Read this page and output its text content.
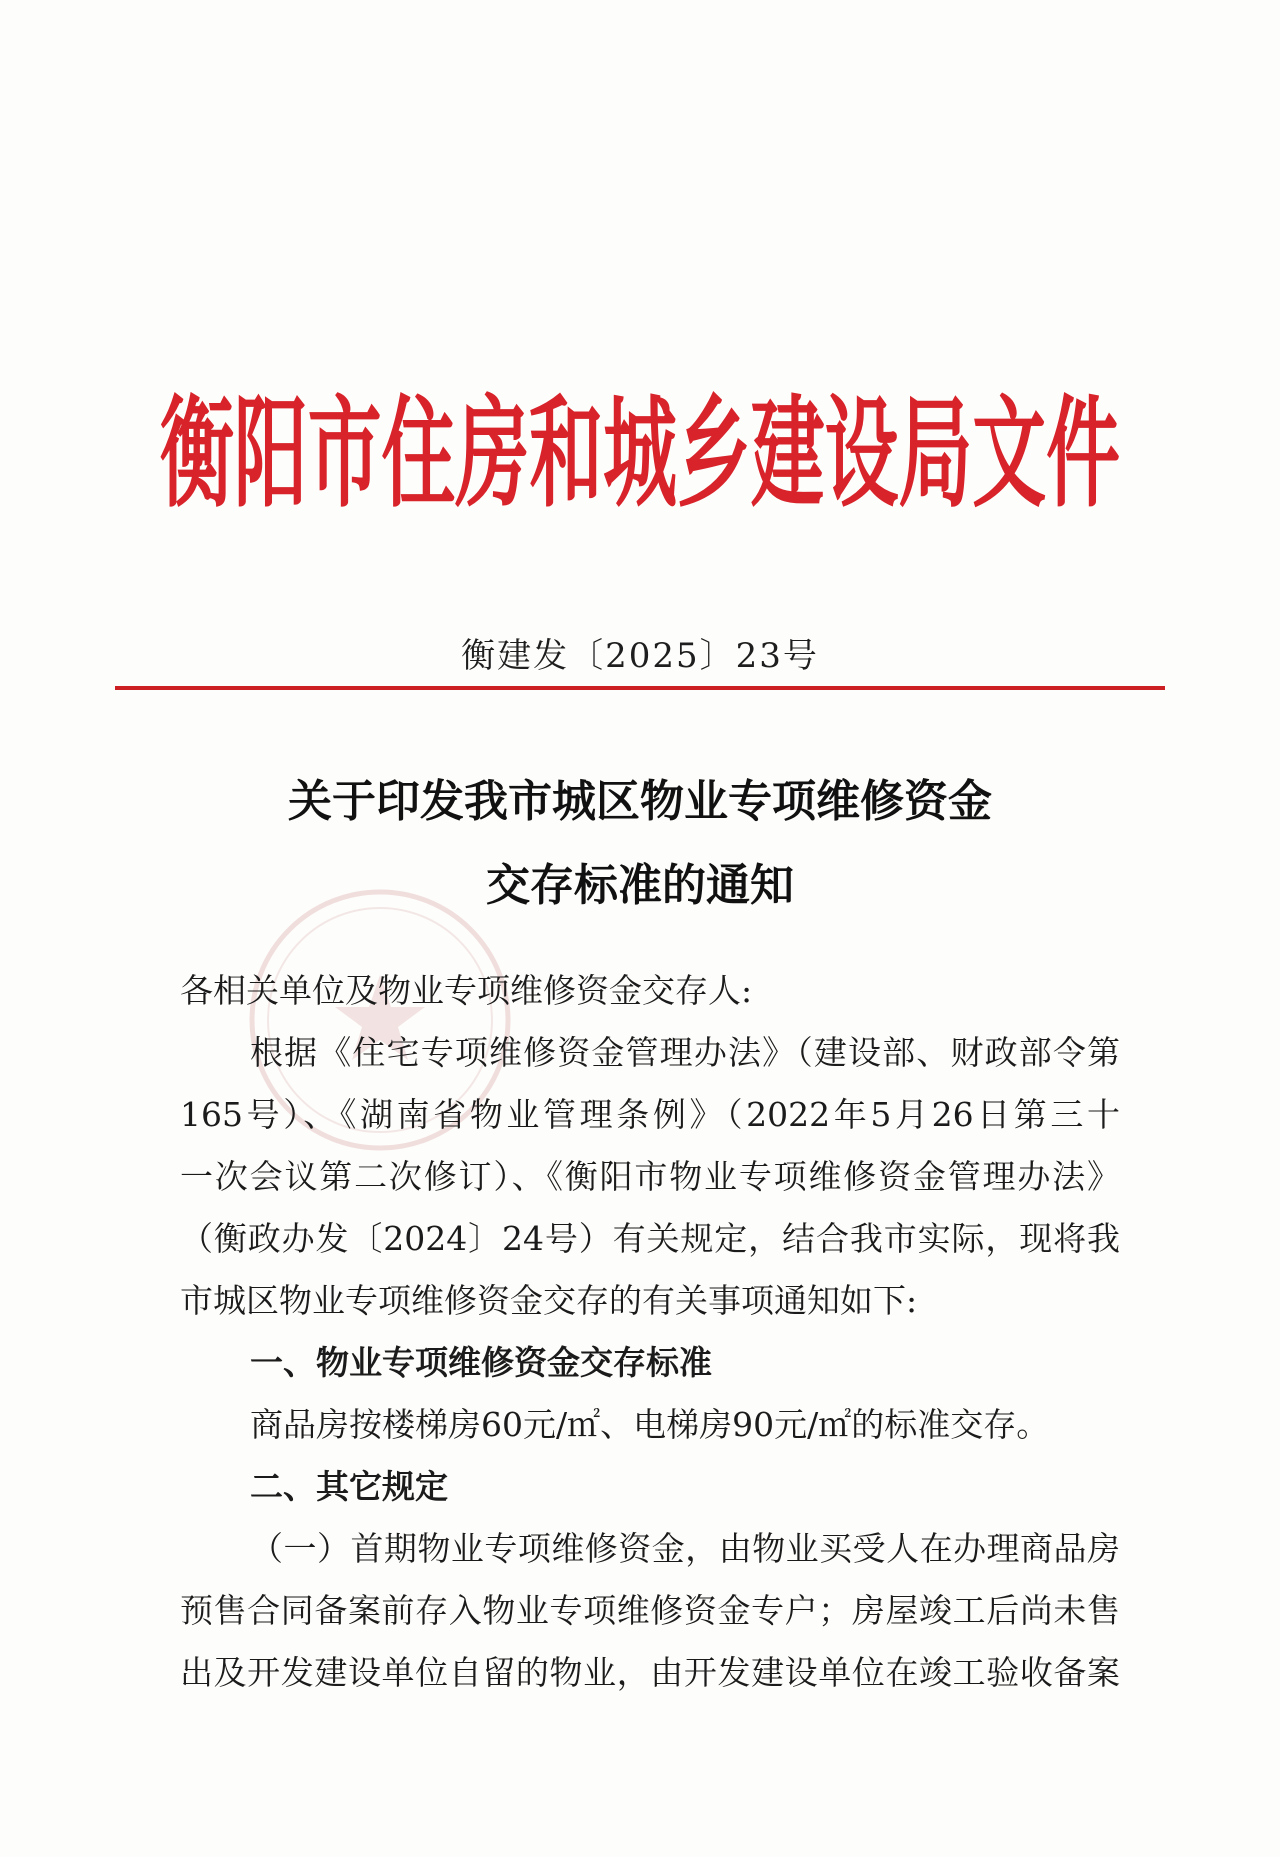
衡阳市住房和城乡建设局文件
衡建发〔2025〕23号
关于印发我市城区物业专项维修资金
交存标准的通知
各相关单位及物业专项维修资金交存人:
根据《住宅专项维修资金管理办法》（建设部、财政部令第
165号）、《湖南省物业管理条例》（2022年5月26日第三十
一次会议第二次修订）、《衡阳市物业专项维修资金管理办法》
（衡政办发〔2024〕24号）有关规定，结合我市实际，现将我
市城区物业专项维修资金交存的有关事项通知如下:
一、物业专项维修资金交存标准
商品房按楼梯房60元/㎡、电梯房90元/㎡的标准交存。
二、其它规定
（一）首期物业专项维修资金，由物业买受人在办理商品房
预售合同备案前存入物业专项维修资金专户；房屋竣工后尚未售
出及开发建设单位自留的物业，由开发建设单位在竣工验收备案
